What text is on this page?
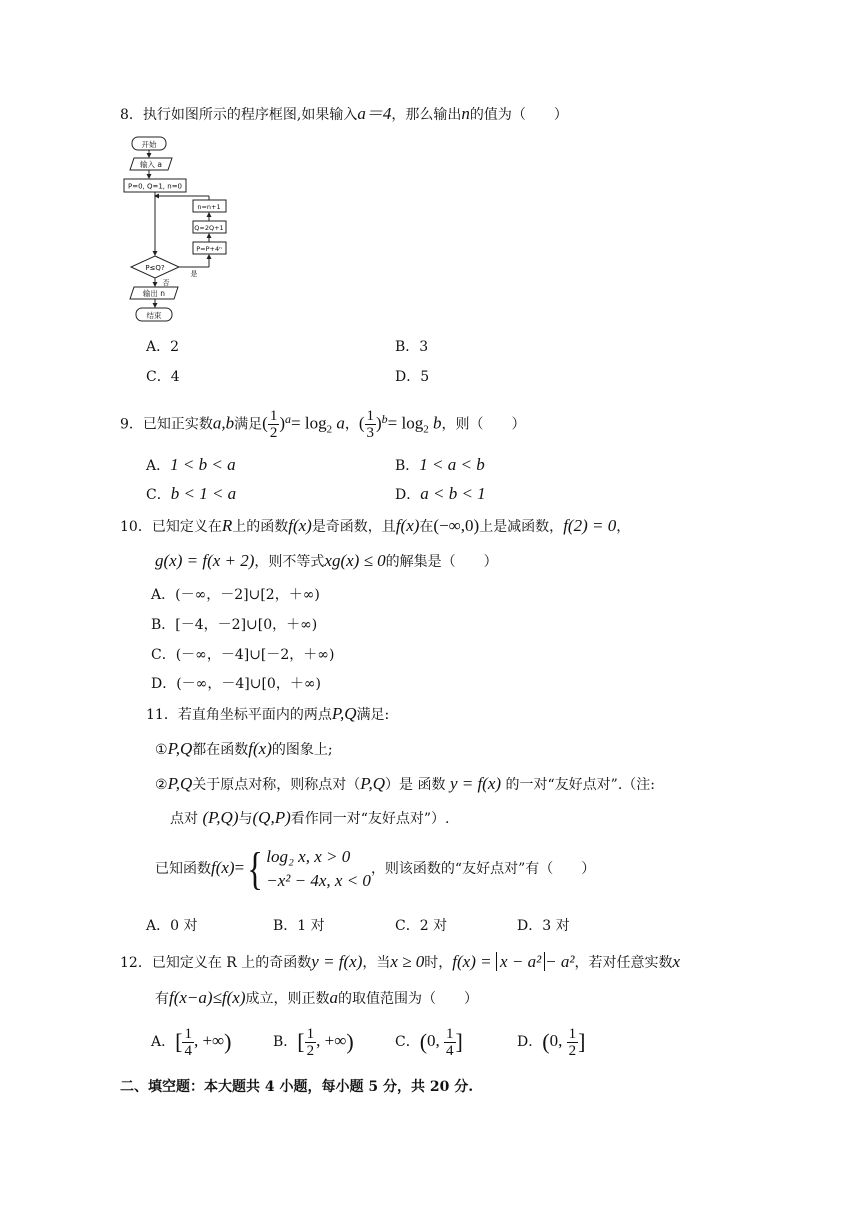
8．执行如图所示的程序框图,如果输入a＝4，那么输出n的值为（　　）
开始
输入 a
P=0, Q=1, n=0
n=n+1
Q=2Q+1
P=P+4ⁿ
P≤Q?
是
否
输出 n
结束
A．2	B．3
C．4	D．5
9．已知正实数a,b满足( $\frac{1}{2} )^a= \log_2 a$，( $\frac{1}{3} )^b= \log_2 b$，则（　　）
A．1 < b < a	B．1 < a < b
C．b < 1 < a	D．a < b < 1
10．已知定义在R上的函数f(x)是奇函数，且f(x)在(−∞,0)上是减函数，f(2) = 0，
g(x) = f(x + 2)，则不等式xg(x) ≤ 0的解集是（　　）
A．(－∞，－2]∪[2，＋∞)
B．[－4，－2]∪[0，＋∞)
C．(－∞，－4]∪[－2，＋∞)
D．(－∞，－4]∪[0，＋∞)
11．若直角坐标平面内的两点P,Q满足:
①P,Q都在函数f(x)的图象上;
②P,Q关于原点对称，则称点对（P,Q）是 函数 y = f(x) 的一对“友好点对”.（注:
点对 (P,Q)与(Q,P)看作同一对“友好点对”）.
已知函数f(x)={ log₂ x, x > 0
−x² − 4x, x < 0
，则该函数的“友好点对”有（　　）
A．0 对	B．1 对	C．2 对	D．3 对
12．已知定义在 R 上的奇函数y = f(x)，当x ≥ 0时，f(x) = x − a² − a²，若对任意实数x
有f(x−a)≤f(x)成立，则正数a的取值范围为（　　）
A．[ $\frac{1}{4}$ , +∞)	B．[ $\frac{1}{2}$ , +∞)	C．(0, $\frac{1}{4}$ ]	D．(0, $\frac{1}{2}$ ]
二、填空题：本大题共 4 小题，每小题 5 分，共 20 分.
